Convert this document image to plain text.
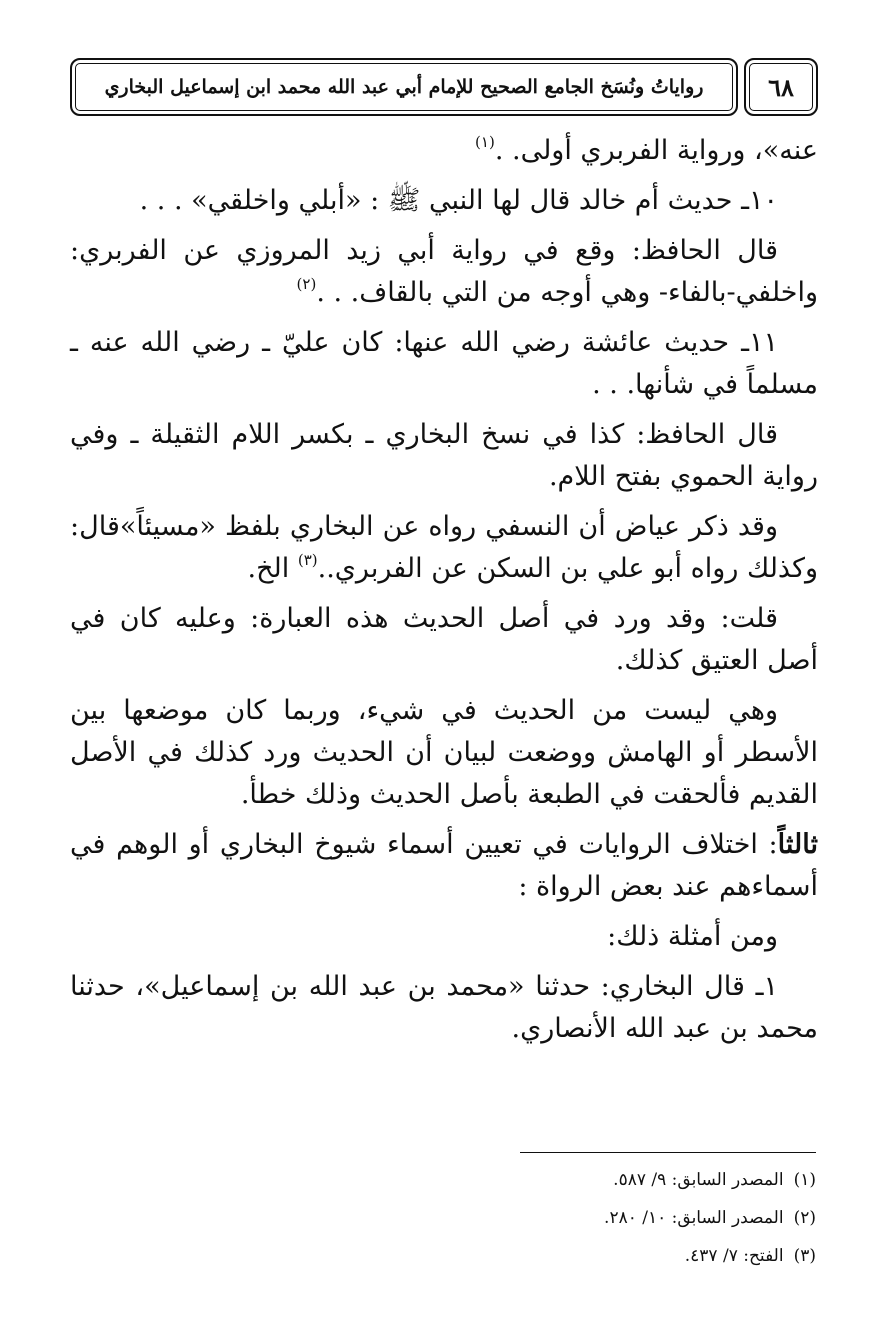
٦٨
رواياتُ ونُسَخ الجامع الصحيح للإمام أبي عبد الله محمد ابن إسماعيل البخاري

عنه»، ورواية الفربري أولى. .$^{(١)}$

١٠ـ حديث أم خالد قال لها النبي ﷺ : «أبلي واخلقي» . . .

قال الحافظ: وقع في رواية أبي زيد المروزي عن الفربري: واخلفي-بالفاء- وهي أوجه من التي بالقاف. . .$^{(٢)}$

١١ـ حديث عائشة رضي الله عنها: كان عليّ ـ رضي الله عنه ـ مسلماً في شأنها. . .

قال الحافظ: كذا في نسخ البخاري ـ بكسر اللام الثقيلة ـ وفي رواية الحموي بفتح اللام.

وقد ذكر عياض أن النسفي رواه عن البخاري بلفظ «مسيئاً»قال: وكذلك رواه أبو علي بن السكن عن الفربري..$^{(٣)}$ الخ.

قلت: وقد ورد في أصل الحديث هذه العبارة: وعليه كان في أصل العتيق كذلك.

وهي ليست من الحديث في شيء، وربما كان موضعها بين الأسطر أو الهامش ووضعت لبيان أن الحديث ورد كذلك في الأصل القديم فألحقت في الطبعة بأصل الحديث وذلك خطأ.

ثالثاً: اختلاف الروايات في تعيين أسماء شيوخ البخاري أو الوهم في أسماءهم عند بعض الرواة :

ومن أمثلة ذلك:

١ـ قال البخاري: حدثنا «محمد بن عبد الله بن إسماعيل»، حدثنا محمد بن عبد الله الأنصاري.

(١)المصدر السابق: ٩/ ٥٨٧.
(٢)المصدر السابق: ١٠/ ٢٨٠.
(٣)الفتح: ٧/ ٤٣٧.
